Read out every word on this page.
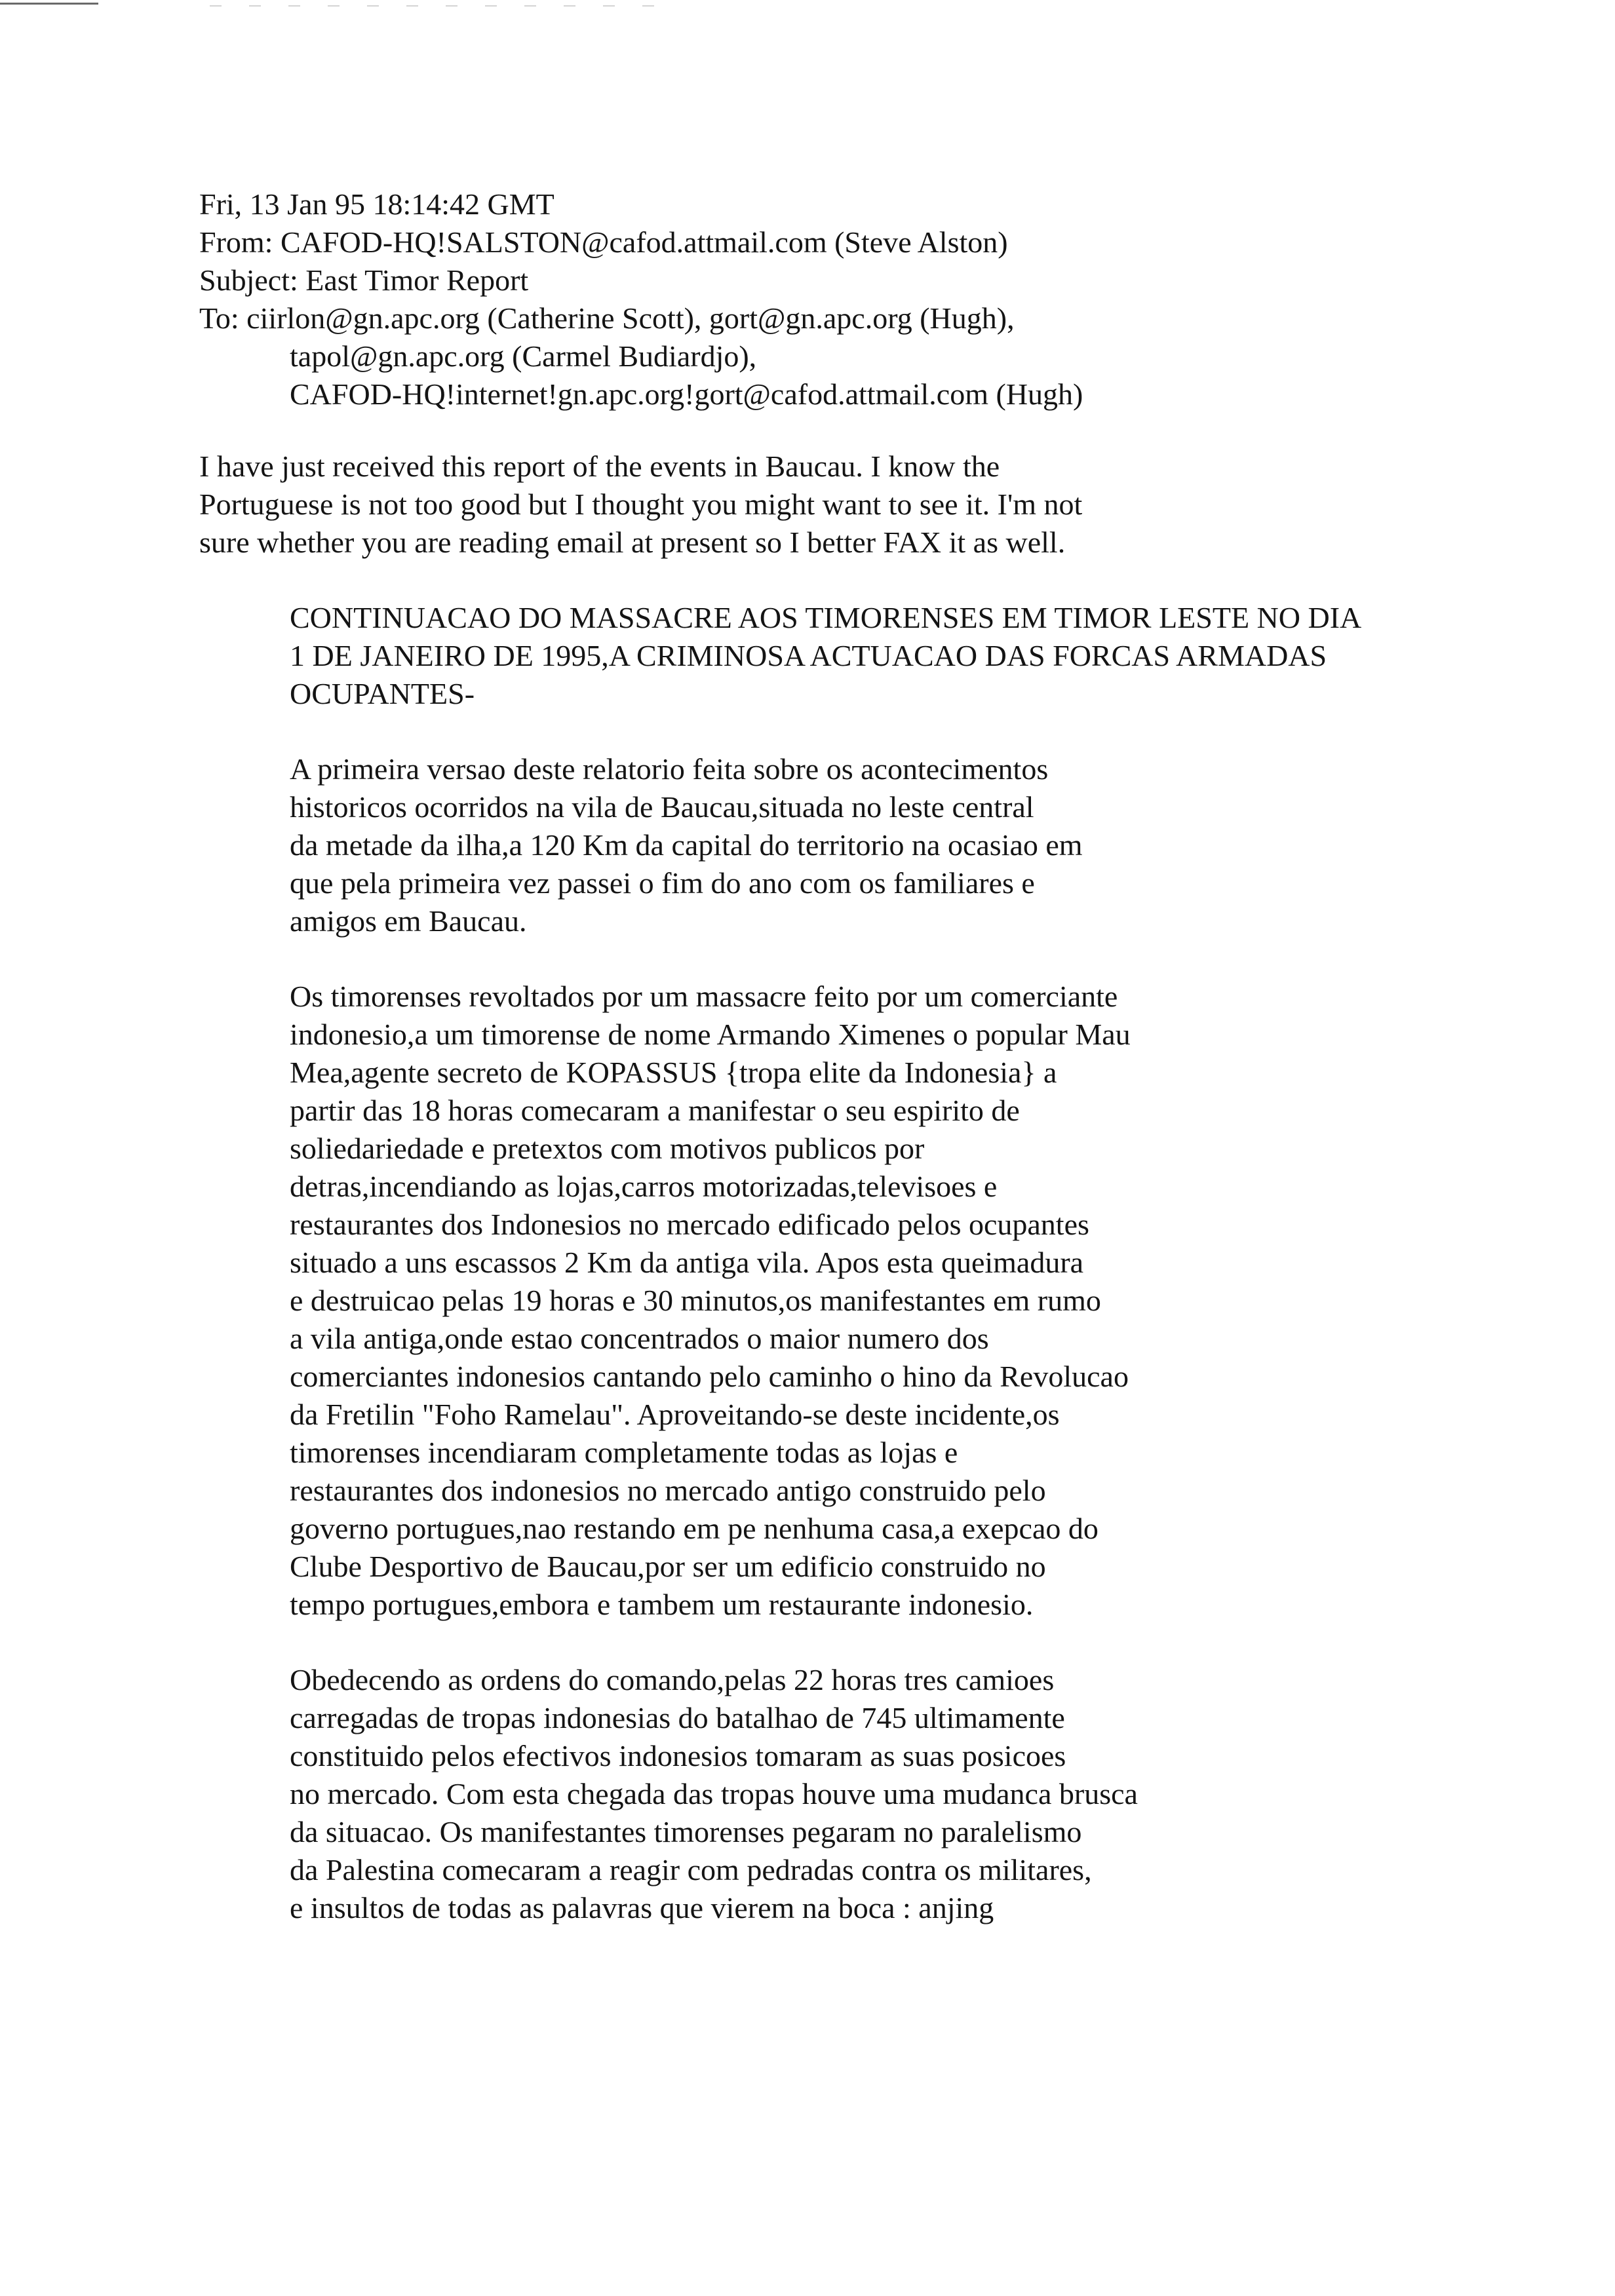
Fri, 13 Jan 95 18:14:42 GMT
From: CAFOD-HQ!SALSTON@cafod.attmail.com (Steve Alston)
Subject: East Timor Report
To: ciirlon@gn.apc.org (Catherine Scott), gort@gn.apc.org (Hugh),
tapol@gn.apc.org (Carmel Budiardjo),
CAFOD-HQ!internet!gn.apc.org!gort@cafod.attmail.com (Hugh)
I have just received this report of the events in Baucau. I know the
Portuguese is not too good but I thought you might want to see it. I'm not
sure whether you are reading email at present so I better FAX it as well.
CONTINUACAO DO MASSACRE AOS TIMORENSES EM TIMOR LESTE NO DIA
1 DE JANEIRO DE 1995,A CRIMINOSA ACTUACAO DAS FORCAS ARMADAS
OCUPANTES-
A primeira versao deste relatorio feita sobre os acontecimentos
historicos ocorridos na vila de Baucau,situada no leste central
da metade da ilha,a 120 Km da capital do territorio na ocasiao em
que pela primeira vez passei o fim do ano com os familiares e
amigos em Baucau.
Os timorenses revoltados por um massacre feito por um comerciante
indonesio,a um timorense de nome Armando Ximenes o popular Mau
Mea,agente secreto de KOPASSUS {tropa elite da Indonesia} a
partir das 18 horas comecaram a manifestar o seu espirito de
soliedariedade e pretextos com motivos publicos por
detras,incendiando as lojas,carros motorizadas,televisoes e
restaurantes dos Indonesios no mercado edificado pelos ocupantes
situado a uns escassos 2 Km da antiga vila. Apos esta queimadura
e destruicao pelas 19 horas e 30 minutos,os manifestantes em rumo
a vila antiga,onde estao concentrados o maior numero dos
comerciantes indonesios cantando pelo caminho o hino da Revolucao
da Fretilin "Foho Ramelau". Aproveitando-se deste incidente,os
timorenses incendiaram completamente todas as lojas e
restaurantes dos indonesios no mercado antigo construido pelo
governo portugues,nao restando em pe nenhuma casa,a exepcao do
Clube Desportivo de Baucau,por ser um edificio construido no
tempo portugues,embora e tambem um restaurante indonesio.
Obedecendo as ordens do comando,pelas 22 horas tres camioes
carregadas de tropas indonesias do batalhao de 745 ultimamente
constituido pelos efectivos indonesios tomaram as suas posicoes
no mercado. Com esta chegada das tropas houve uma mudanca brusca
da situacao. Os manifestantes timorenses pegaram no paralelismo
da Palestina comecaram a reagir com pedradas contra os militares,
e insultos de todas as palavras que vierem na boca : anjing
